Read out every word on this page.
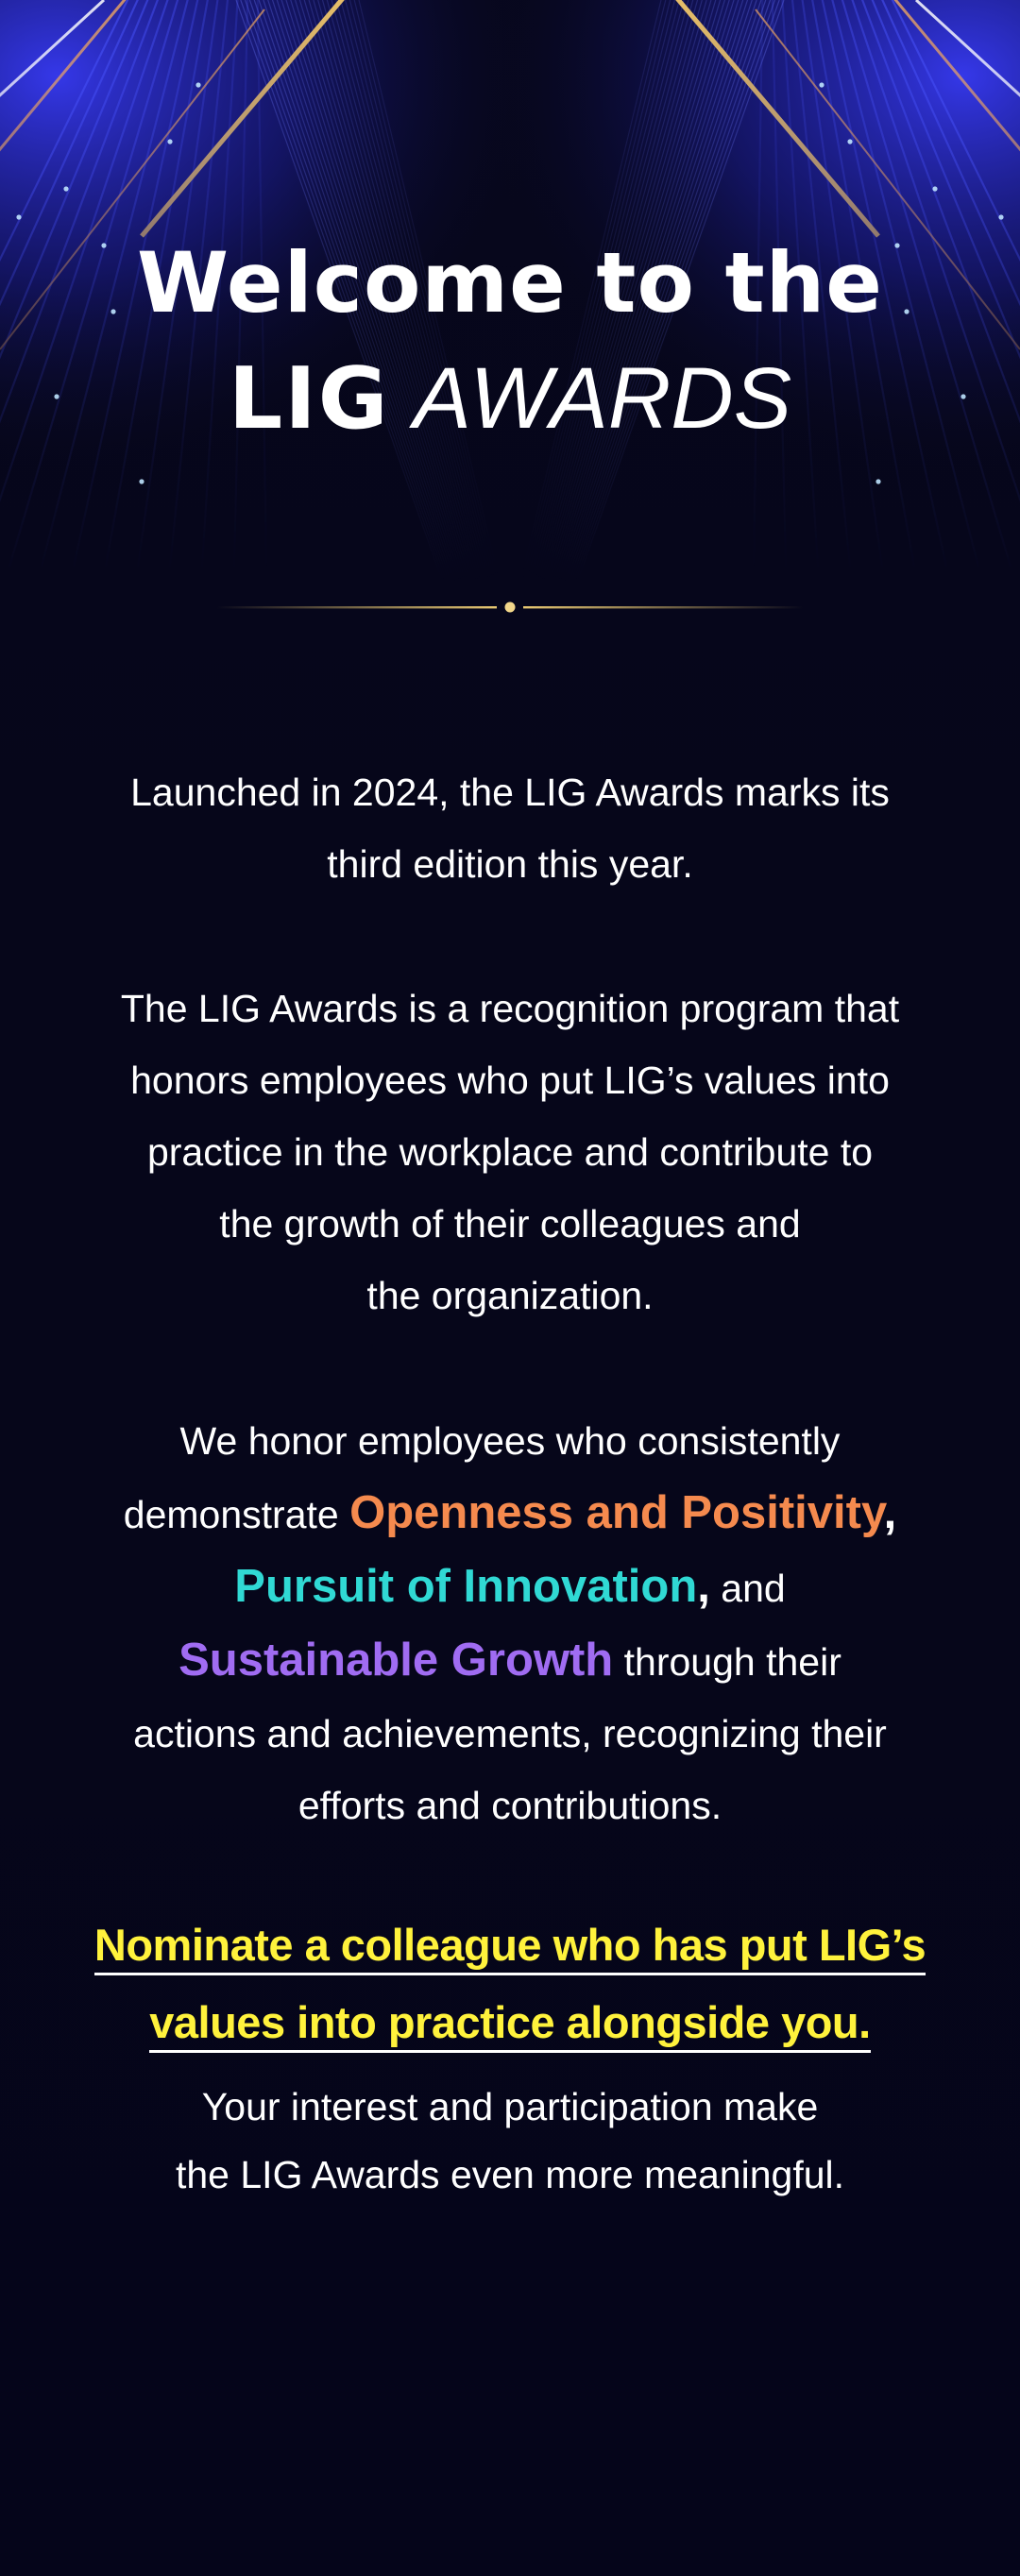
Welcome to the

LIG AWARDS

Launched in 2024, the LIG Awards marks its
third edition this year.

The LIG Awards is a recognition program that
honors employees who put LIG’s values into
practice in the workplace and contribute to
the growth of their colleagues and
the organization.

We honor employees who consistently
demonstrate Openness and Positivity,
Pursuit of Innovation, and
Sustainable Growth through their
actions and achievements, recognizing their
efforts and contributions.

Nominate a colleague who has put LIG’s
values into practice alongside you.

Your interest and participation make
the LIG Awards even more meaningful.
